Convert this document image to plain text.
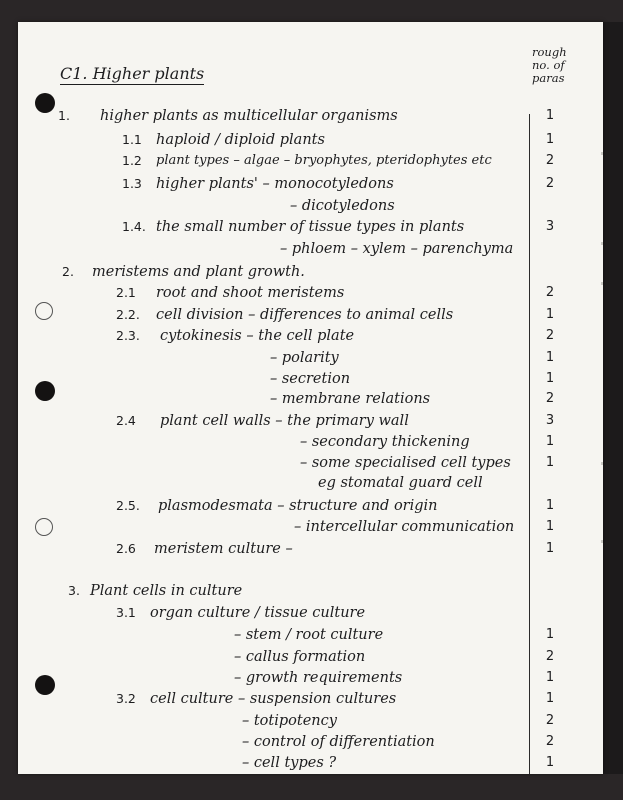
C1. Higher plants
rough
no. of
paras
1. higher plants as multicellular organisms	1
1.1 haploid / diploid plants	1
1.2 plant types – algae – bryophytes, pteridophytes etc	2
1.3 higher plants' – monocotyledons	2
– dicotyledons
1.4. the small number of tissue types in plants	3
– phloem – xylem – parenchyma
2. meristems and plant growth.
2.1 root and shoot meristems	2
2.2. cell division – differences to animal cells	1
2.3. cytokinesis – the cell plate	2
– polarity	1
– secretion	1
– membrane relations	2
2.4 plant cell walls – the primary wall	3
– secondary thickening	1
– some specialised cell types	1
eg stomatal guard cell
2.5. plasmodesmata – structure and origin	1
– intercellular communication	1
2.6 meristem culture –	1
3. Plant cells in culture
3.1 organ culture / tissue culture
– stem / root culture	1
– callus formation	2
– growth requirements	1
3.2 cell culture – suspension cultures	1
– totipotency	2
– control of differentiation	2
– cell types ?	1
